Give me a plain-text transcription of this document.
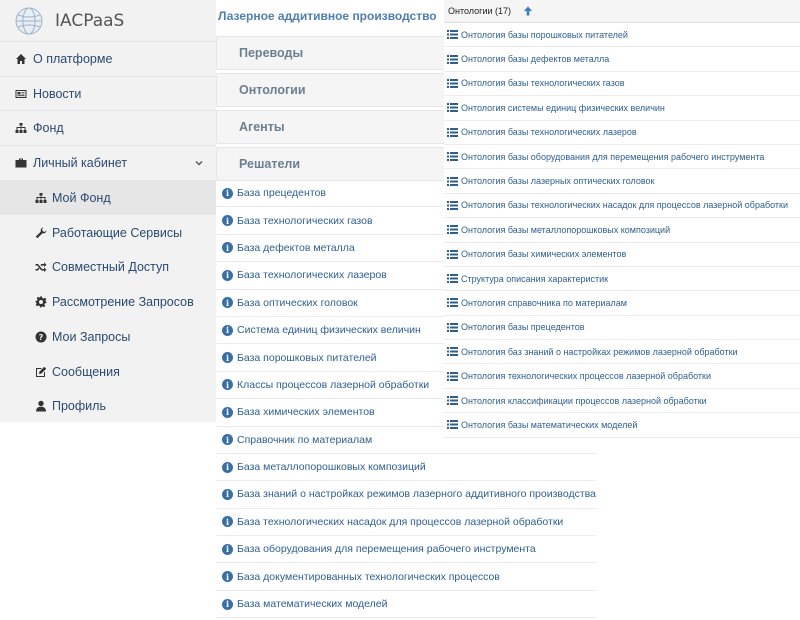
IACPaaS
О платформе
Новости
Фонд
Личный кабинет
Мой Фонд
Работающие Сервисы
Совместный Доступ
Рассмотрение Запросов
? Мои Запросы
Сообщения
Профиль
Лазерное аддитивное производство
Переводы
Онтологии
Агенты
Решатели
i База прецедентов
i База технологических газов
i База дефектов металла
i База технологических лазеров
i База оптических головок
i Система единиц физических величин
i База порошковых питателей
i Классы процессов лазерной обработки
i База химических элементов
i Справочник по материалам
i База металлопорошковых композиций
i База знаний о настройках режимов лазерного аддитивного производства
i База технологических насадок для процессов лазерной обработки
i База оборудования для перемещения рабочего инструмента
i База документированных технологических процессов
i База математических моделей
Онтологии (17)
Онтология базы порошковых питателей
Онтология базы дефектов металла
Онтология базы технологических газов
Онтология системы единиц физических величин
Онтология базы технологических лазеров
Онтология базы оборудования для перемещения рабочего инструмента
Онтология базы лазерных оптических головок
Онтология базы технологических насадок для процессов лазерной обработки
Онтология базы металлопорошковых композиций
Онтология базы химических элементов
Структура описания характеристик
Онтология справочника по материалам
Онтология базы прецедентов
Онтология баз знаний о настройках режимов лазерной обработки
Онтология технологических процессов лазерной обработки
Онтология классификации процессов лазерной обработки
Онтология базы математических моделей
